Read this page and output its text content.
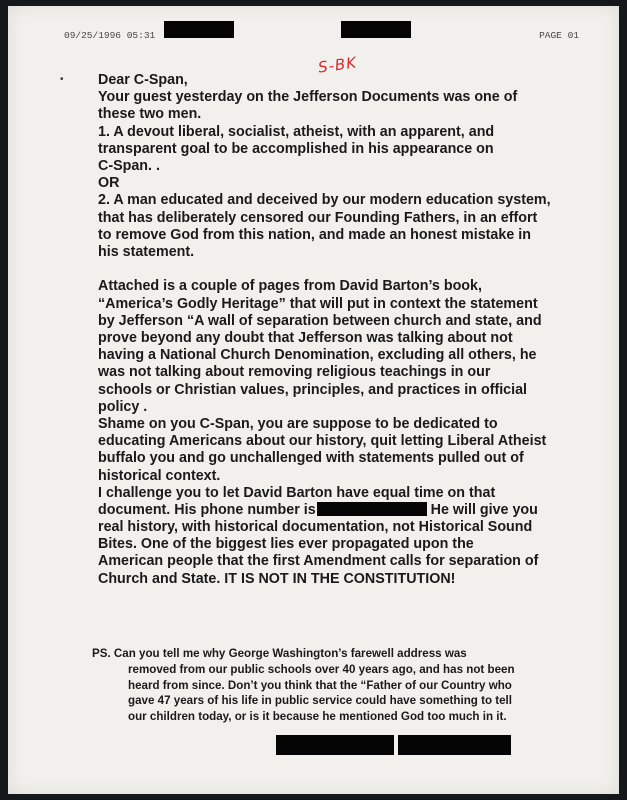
09/25/1996 05:31	PAGE 01
S-BK
• Dear C-Span,
Your guest yesterday on the Jefferson Documents was one of
these two men.
1. A devout liberal, socialist, atheist, with an apparent, and
transparent goal to be accomplished in his appearance on
C-Span. .
OR
2. A man educated and deceived by our modern education system,
that has deliberately censored our Founding Fathers, in an effort
to remove God from this nation, and made an honest mistake in
his statement.
Attached is a couple of pages from David Barton’s book,
“America’s Godly Heritage” that will put in context the statement
by Jefferson “A wall of separation between church and state, and
prove beyond any doubt that Jefferson was talking about not
having a National Church Denomination, excluding all others, he
was not talking about removing religious teachings in our
schools or Christian values, principles, and practices in official
policy .
Shame on you C-Span, you are suppose to be dedicated to
educating Americans about our history, quit letting Liberal Atheist
buffalo you and go unchallenged with statements pulled out of
historical context.
I challenge you to let David Barton have equal time on that
document. His phone number is	He will give you
real history, with historical documentation, not Historical Sound
Bites. One of the biggest lies ever propagated upon the
American people that the first Amendment calls for separation of
Church and State. IT IS NOT IN THE CONSTITUTION!
PS. Can you tell me why George Washington’s farewell address was
removed from our public schools over 40 years ago, and has not been
heard from since. Don’t you think that the “Father of our Country who
gave 47 years of his life in public service could have something to tell
our children today, or is it because he mentioned God too much in it.
